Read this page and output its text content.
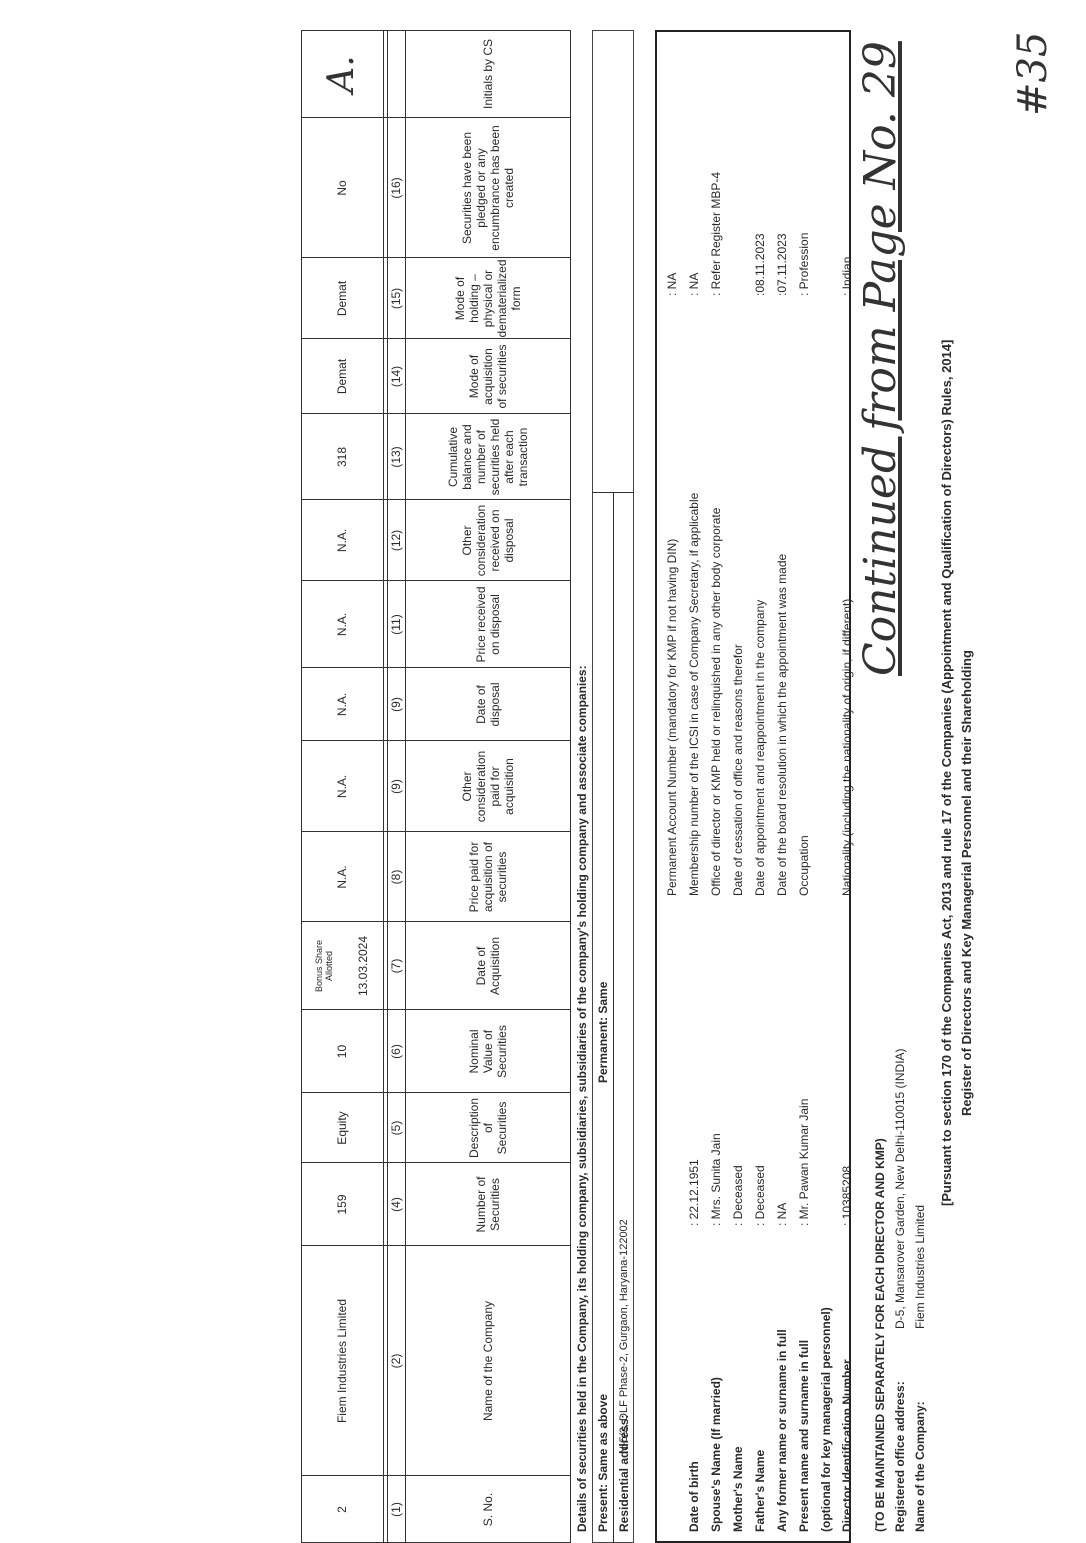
#35
Continued from Page No. 29
Register of Directors and Key Managerial Personnel and their Shareholding
[Pursuant to section 170 of the Companies Act, 2013 and rule 17 of the Companies (Appointment and Qualification of Directors) Rules, 2014]
Name of the Company:
Fiem Industries Limited
Registered office address:
D-5, Mansarover Garden, New Delhi-110015 (INDIA)
(TO BE MAINTAINED SEPARATELY FOR EACH DIRECTOR AND KMP)
Director Identification Number
: 10385208
(optional for key managerial personnel)
Present name and surname in full
: Mr. Pawan Kumar Jain
Any former name or surname in full
: NA
Father's Name
: Deceased
Mother's Name
: Deceased
Spouse's Name (If married)
: Mrs. Sunita Jain
Date of birth
: 22.12.1951
Nationality (including the nationality of origin, if different)
: Indian
Occupation
: Profession
Date of the board resolution in which the appointment was made
:07.11.2023
Date of appointment and reappointment in the company
:08.11.2023
Date of cessation of office and reasons therefor
Office of director or KMP held or relinquished in any other body corporate
: Refer Register MBP-4
Membership number of the ICSI in case of Company Secretary, if applicable
: NA
Permanent Account Number (mandatory for KMP if not having DIN)
: NA
Residential address:
N-5/2, DLF Phase-2, Gurgaon, Haryana-122002
Present: Same as above
Permanent: Same
Details of securities held in the Company, its holding company, subsidiaries, subsidiaries of the company's holding company and associate companies:
S. No.
Name of the Company
Number of Securities
Description of Securities
Nominal Value of Securities
Date of Acquisition
Price paid for acquisition of securities
Other consideration paid for acquisition
Date of disposal
Price received on disposal
Other consideration received on disposal
Cumulative balance and number of securities held after each transaction
Mode of acquisition of securities
Mode of holding – physical or dematerialized form
Securities have been pledged or any encumbrance has been created
Initials by CS
(1)
(2)
(4)
(5)
(6)
(7)
(8)
(9)
(9)
(11)
(12)
(13)
(14)
(15)
(16)
2
Fiem Industries Limited
159
Equity
10
13.03.2024
Bonus Share Allotted
N.A.
N.A.
N.A.
N.A.
N.A.
318
Demat
Demat
No
A.
